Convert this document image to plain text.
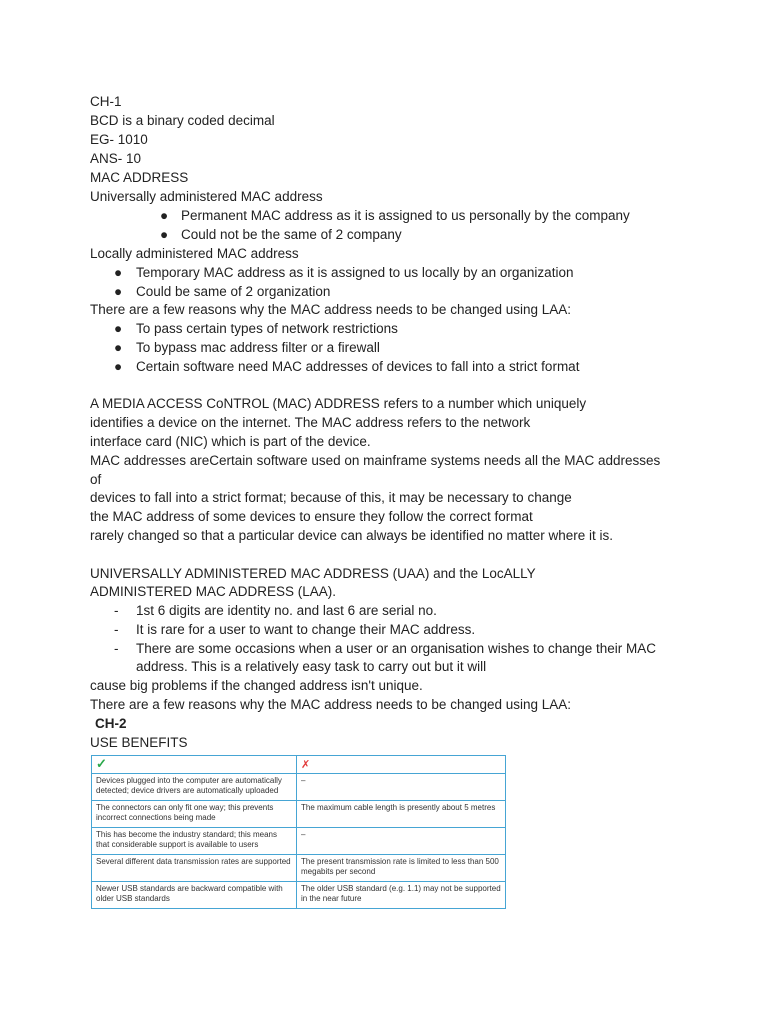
CH-1
BCD is a binary coded decimal
EG- 1010
ANS- 10
MAC ADDRESS
Universally administered MAC address
● Permanent MAC address as it is assigned to us personally by the company
● Could not be the same of 2 company
Locally administered MAC address
● Temporary MAC address as it is assigned to us locally by an organization
● Could be same of 2 organization
There are a few reasons why the MAC address needs to be changed using LAA:
● To pass certain types of network restrictions
● To bypass mac address filter or a firewall
● Certain software need MAC addresses of devices to fall into a strict format
A MEDIA ACCESS CoNTROL (MAC) ADDRESS refers to a number which uniquely
identifies a device on the internet. The MAC address refers to the network
interface card (NIC) which is part of the device.
MAC addresses areCertain software used on mainframe systems needs all the MAC addresses
of
devices to fall into a strict format; because of this, it may be necessary to change
the MAC address of some devices to ensure they follow the correct format
rarely changed so that a particular device can always be identified no matter where it is.
UNIVERSALLY ADMINISTERED MAC ADDRESS (UAA) and the LocALLY
ADMINISTERED MAC ADDRESS (LAA).
- 1st 6 digits are identity no. and last 6 are serial no.
- It is rare for a user to want to change their MAC address.
- There are some occasions when a user or an organisation wishes to change their MAC
address. This is a relatively easy task to carry out but it will
cause big problems if the changed address isn't unique.
There are a few reasons why the MAC address needs to be changed using LAA:
CH-2
USE BENEFITS
✓	✗
Devices plugged into the computer are automatically detected; device drivers are automatically uploaded	–
The connectors can only fit one way; this prevents incorrect connections being made	The maximum cable length is presently about 5 metres
This has become the industry standard; this means that considerable support is available to users	–
Several different data transmission rates are supported	The present transmission rate is limited to less than 500 megabits per second
Newer USB standards are backward compatible with older USB standards	The older USB standard (e.g. 1.1) may not be supported in the near future
